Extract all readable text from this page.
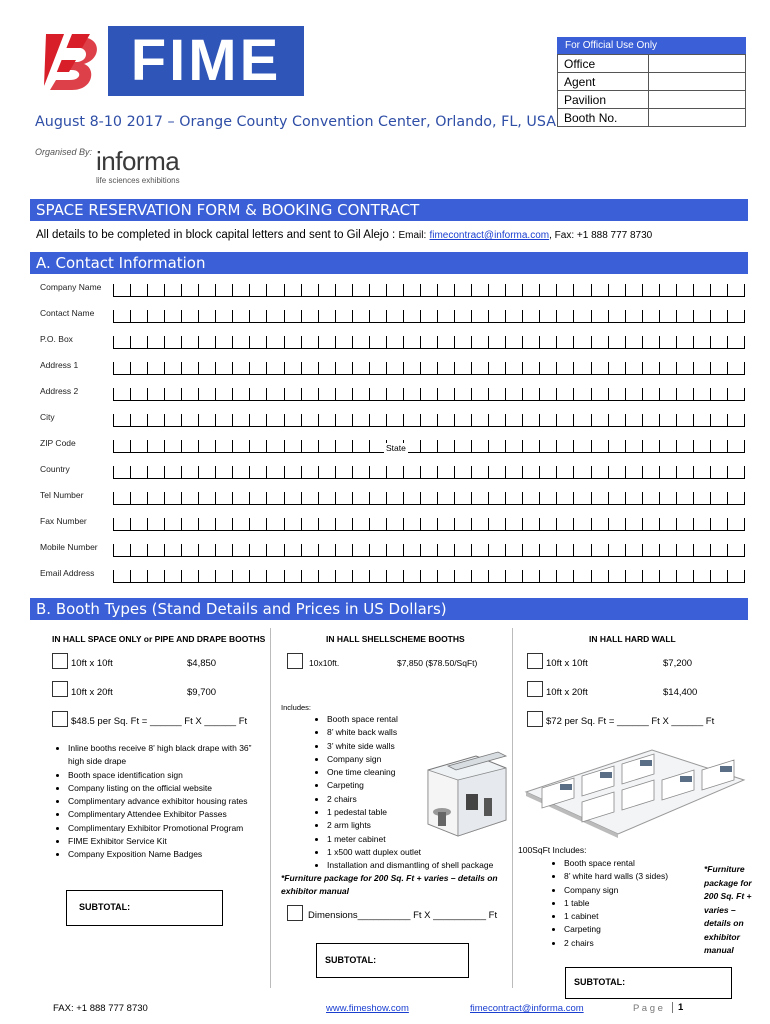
FIME
August 8-10 2017 – Orange County Convention Center, Orlando, FL, USA
Organised By: informa
life sciences exhibitions
For Official Use Only
Office	
Agent	
Pavilion	
Booth No.	
SPACE RESERVATION FORM & BOOKING CONTRACT
All details to be completed in block capital letters and sent to Gil Alejo : Email: fimecontract@informa.com, Fax: +1 888 777 8730
A. Contact Information
Company Name
Contact Name
P.O. Box
Address 1
Address 2
City
ZIP Code
Country
Tel Number
Fax Number
Mobile Number
Email Address
State
B. Booth Types (Stand Details and Prices in US Dollars)
IN HALL SPACE ONLY or PIPE AND DRAPE BOOTHS
10ft x 10ft	$4,850
10ft x 20ft	$9,700
$48.5 per Sq. Ft = ______ Ft X ______ Ft
• Inline booths receive 8’ high black drape with 36” high side drape
• Booth space identification sign
• Company listing on the official website
• Complimentary advance exhibitor housing rates
• Complimentary Attendee Exhibitor Passes
• Complimentary Exhibitor Promotional Program
• FIME Exhibitor Service Kit
• Company Exposition Name Badges
SUBTOTAL:
IN HALL SHELLSCHEME BOOTHS
10x10ft.	$7,850 ($78.50/SqFt)
Includes:
• Booth space rental
• 8’ white back walls
• 3’ white side walls
• Company sign
• One time cleaning
• Carpeting
• 2 chairs
• 1 pedestal table
• 2 arm lights
• 1 meter cabinet
• 1 x500 watt duplex outlet
• Installation and dismantling of shell package
*Furniture package for 200 Sq. Ft + varies – details on exhibitor manual
Dimensions__________ Ft X __________ Ft
SUBTOTAL:
IN HALL HARD WALL
10ft x 10ft	$7,200
10ft x 20ft	$14,400
$72 per Sq. Ft = ______ Ft X ______ Ft
100SqFt Includes:
• Booth space rental
• 8’ white hard walls (3 sides)
• Company sign
• 1 table
• 1 cabinet
• Carpeting
• 2 chairs
*Furniture package for 200 Sq. Ft + varies – details on exhibitor manual
SUBTOTAL:
FAX: +1 888 777 8730	www.fimeshow.com	fimecontract@informa.com	P a g e	1
